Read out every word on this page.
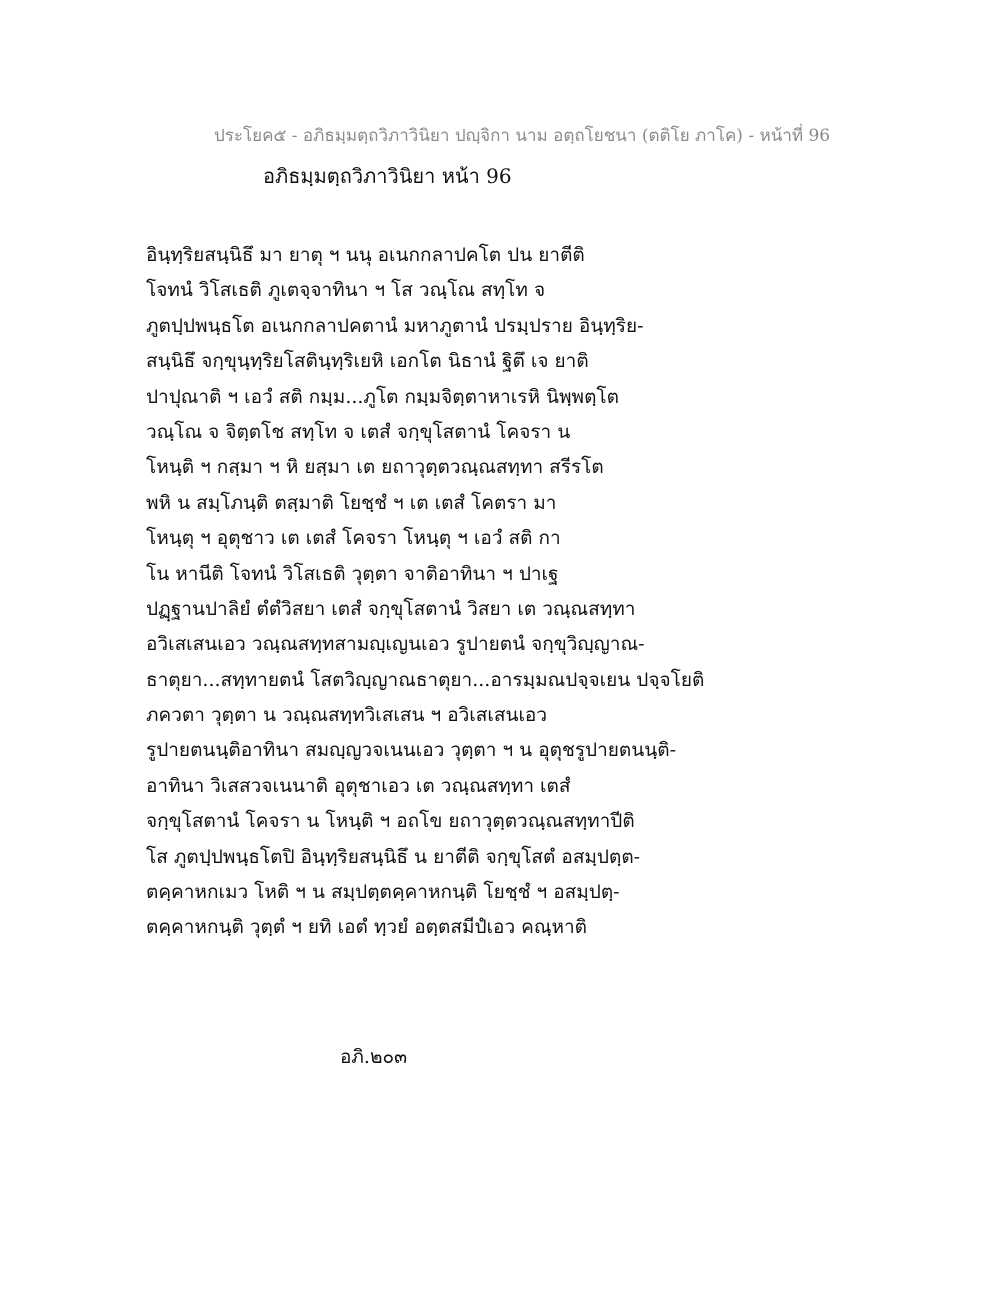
ประโยค๕ - อภิธมฺมตฺถวิภาวินิยา ปญฺจิกา นาม อตฺถโยชนา (ตติโย ภาโค) - หน้าที่ 96
อภิธมฺมตฺถวิภาวินิยา หน้า 96
อินฺทฺริยสนฺนิธึ มา ยาตุ ฯ นนุ อเนกกลาปคโต ปน ยาตีติ
โจทนํ วิโสเธติ ภูเตจฺจาทินา ฯ โส วณฺโณ สทฺโท จ
ภูตปฺปพนฺธโต อเนกกลาปคตานํ มหาภูตานํ ปรมฺปราย อินฺทฺริย-
สนฺนิธึ จกฺขุนฺทฺริยโสตินฺทฺริเยหิ เอกโต นิธานํ ฐิตึ เจ ยาติ
ปาปุณาติ ฯ เอวํ สติ กมฺม...ภูโต กมฺมจิตฺตาหาเรหิ นิพฺพตฺโต
วณฺโณ จ จิตฺตโช สทฺโท จ เตสํ จกฺขุโสตานํ โคจรา น
โหนฺติ ฯ กสฺมา ฯ หิ ยสฺมา เต ยถาวุตฺตวณฺณสทฺทา สรีรโต
พหิ น สมฺโภนฺติ ตสฺมาติ โยชฺชํ ฯ เต เตสํ โคตรา มา
โหนฺตุ ฯ อุตุชาว เต เตสํ โคจรา โหนฺตุ ฯ เอวํ สติ กา
โน หานีติ โจทนํ วิโสเธติ วุตฺตา จาติอาทินา ฯ ปาเฐ
ปฏฺฐานปาลิยํ ตํตํวิสยา เตสํ จกฺขุโสตานํ วิสยา เต วณฺณสทฺทา
อวิเสเสนเอว วณฺณสทฺทสามญฺเญนเอว รูปายตนํ จกฺขุวิญฺญาณ-
ธาตุยา...สทฺทายตนํ โสตวิญฺญาณธาตุยา...อารมฺมณปจฺจเยน ปจฺจโยติ
ภควตา วุตฺตา น วณฺณสทฺทวิเสเสน ฯ อวิเสเสนเอว
รูปายตนนฺติอาทินา สมญฺญวจเนนเอว วุตฺตา ฯ น อุตุชรูปายตนนฺติ-
อาทินา วิเสสวจเนนาติ อุตุชาเอว เต วณฺณสทฺทา เตสํ
จกฺขุโสตานํ โคจรา น โหนฺติ ฯ อถโข ยถาวุตฺตวณฺณสทฺทาปีติ
โส ภูตปฺปพนฺธโตปิ อินฺทฺริยสนฺนิธึ น ยาตีติ จกฺขุโสตํ อสมฺปตฺต-
ตคฺคาหกเมว โหติ ฯ น สมฺปตฺตคฺคาหกนฺติ โยชฺชํ ฯ อสมฺปตฺ-
ตคฺคาหกนฺติ วุตฺตํ ฯ ยทิ เอตํ ทฺวยํ อตฺตสมีปํเอว คณฺหาติ
อภิ.๒๐๓
